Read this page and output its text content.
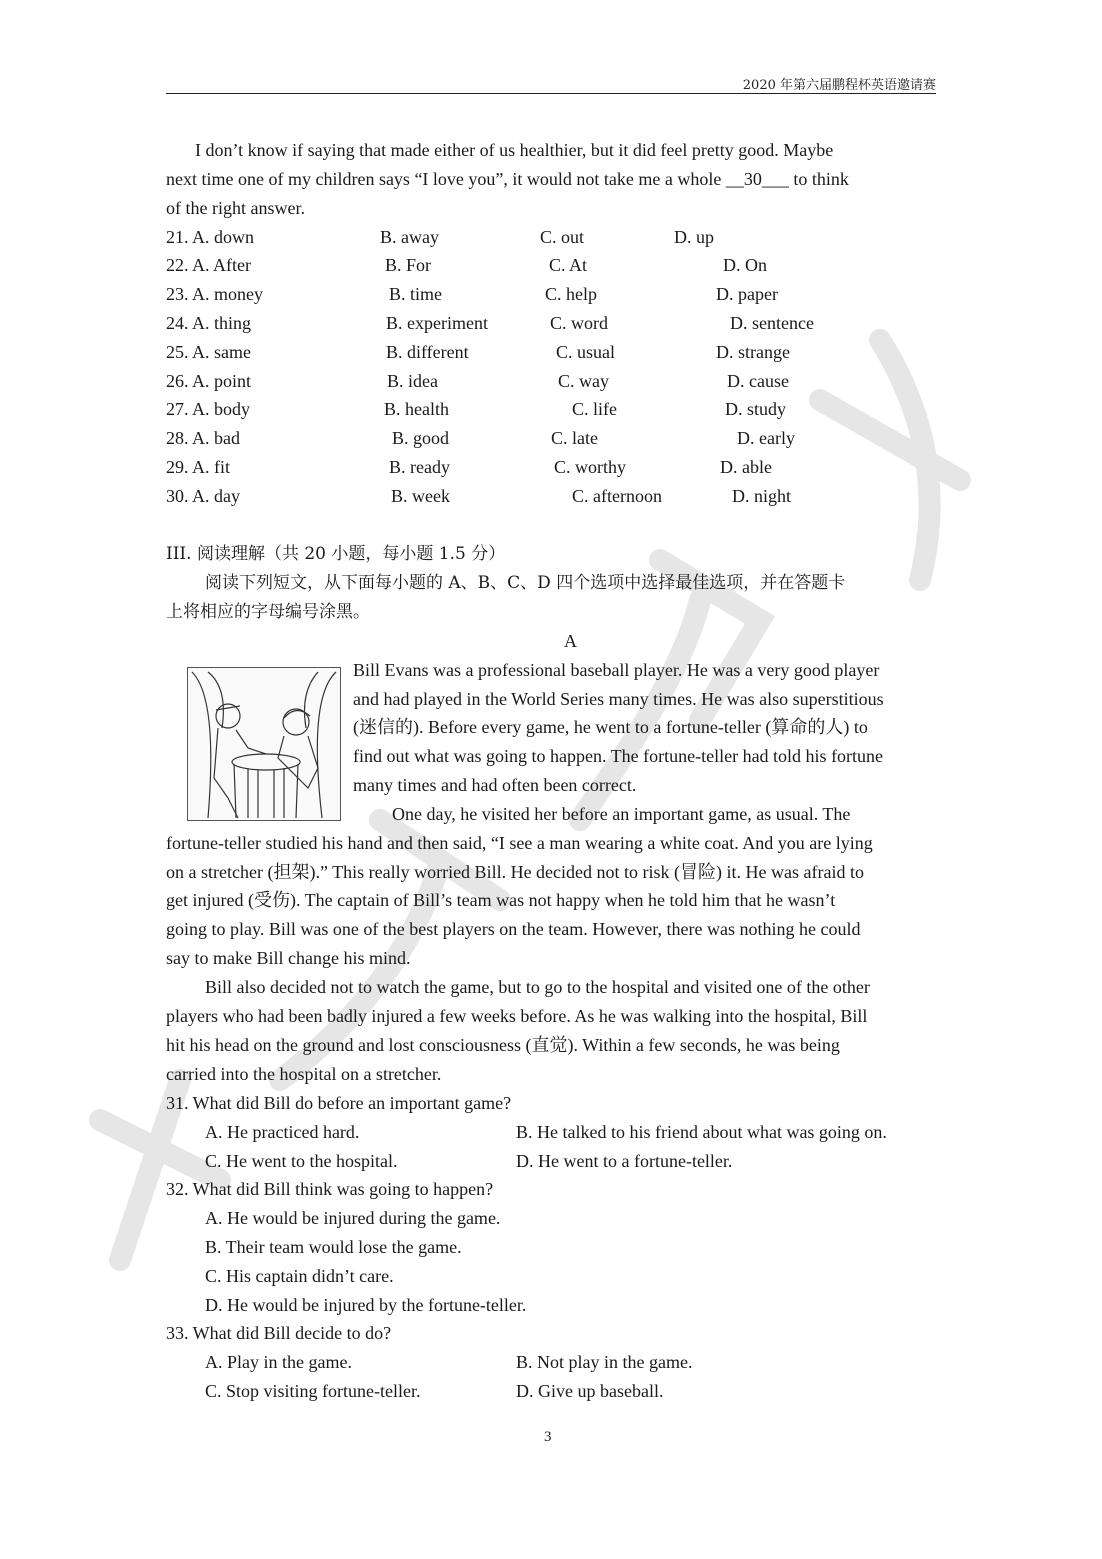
2020 年第六届鹏程杯英语邀请赛
I don’t know if saying that made either of us healthier, but it did feel pretty good. Maybe
next time one of my children says “I love you”, it would not take me a whole __30___ to think
of the right answer.
21. A. down	B. away	C. out	D. up
22. A. After	B. For	C. At	D. On
23. A. money	B. time	C. help	D. paper
24. A. thing	B. experiment	C. word	D. sentence
25. A. same	B. different	C. usual	D. strange
26. A. point	B. idea	C. way	D. cause
27. A. body	B. health	C. life	D. study
28. A. bad	B. good	C. late	D. early
29. A. fit	B. ready	C. worthy	D. able
30. A. day	B. week	C. afternoon	D. night
III. 阅读理解（共 20 小题，每小题 1.5 分）
阅读下列短文，从下面每小题的 A、B、C、D 四个选项中选择最佳选项，并在答题卡
上将相应的字母编号涂黑。
A
Bill Evans was a professional baseball player. He was a very good player
and had played in the World Series many times. He was also superstitious
(迷信的). Before every game, he went to a fortune-teller (算命的人) to
find out what was going to happen. The fortune-teller had told his fortune
many times and had often been correct.
One day, he visited her before an important game, as usual. The
fortune-teller studied his hand and then said, “I see a man wearing a white coat. And you are lying
on a stretcher (担架).” This really worried Bill. He decided not to risk (冒险) it. He was afraid to
get injured (受伤). The captain of Bill’s team was not happy when he told him that he wasn’t
going to play. Bill was one of the best players on the team. However, there was nothing he could
say to make Bill change his mind.
Bill also decided not to watch the game, but to go to the hospital and visited one of the other
players who had been badly injured a few weeks before. As he was walking into the hospital, Bill
hit his head on the ground and lost consciousness (直觉). Within a few seconds, he was being
carried into the hospital on a stretcher.
31. What did Bill do before an important game?
A. He practiced hard.	B. He talked to his friend about what was going on.
C. He went to the hospital.	D. He went to a fortune-teller.
32. What did Bill think was going to happen?
A. He would be injured during the game.
B. Their team would lose the game.
C. His captain didn’t care.
D. He would be injured by the fortune-teller.
33. What did Bill decide to do?
A. Play in the game.	B. Not play in the game.
C. Stop visiting fortune-teller.	D. Give up baseball.
3
